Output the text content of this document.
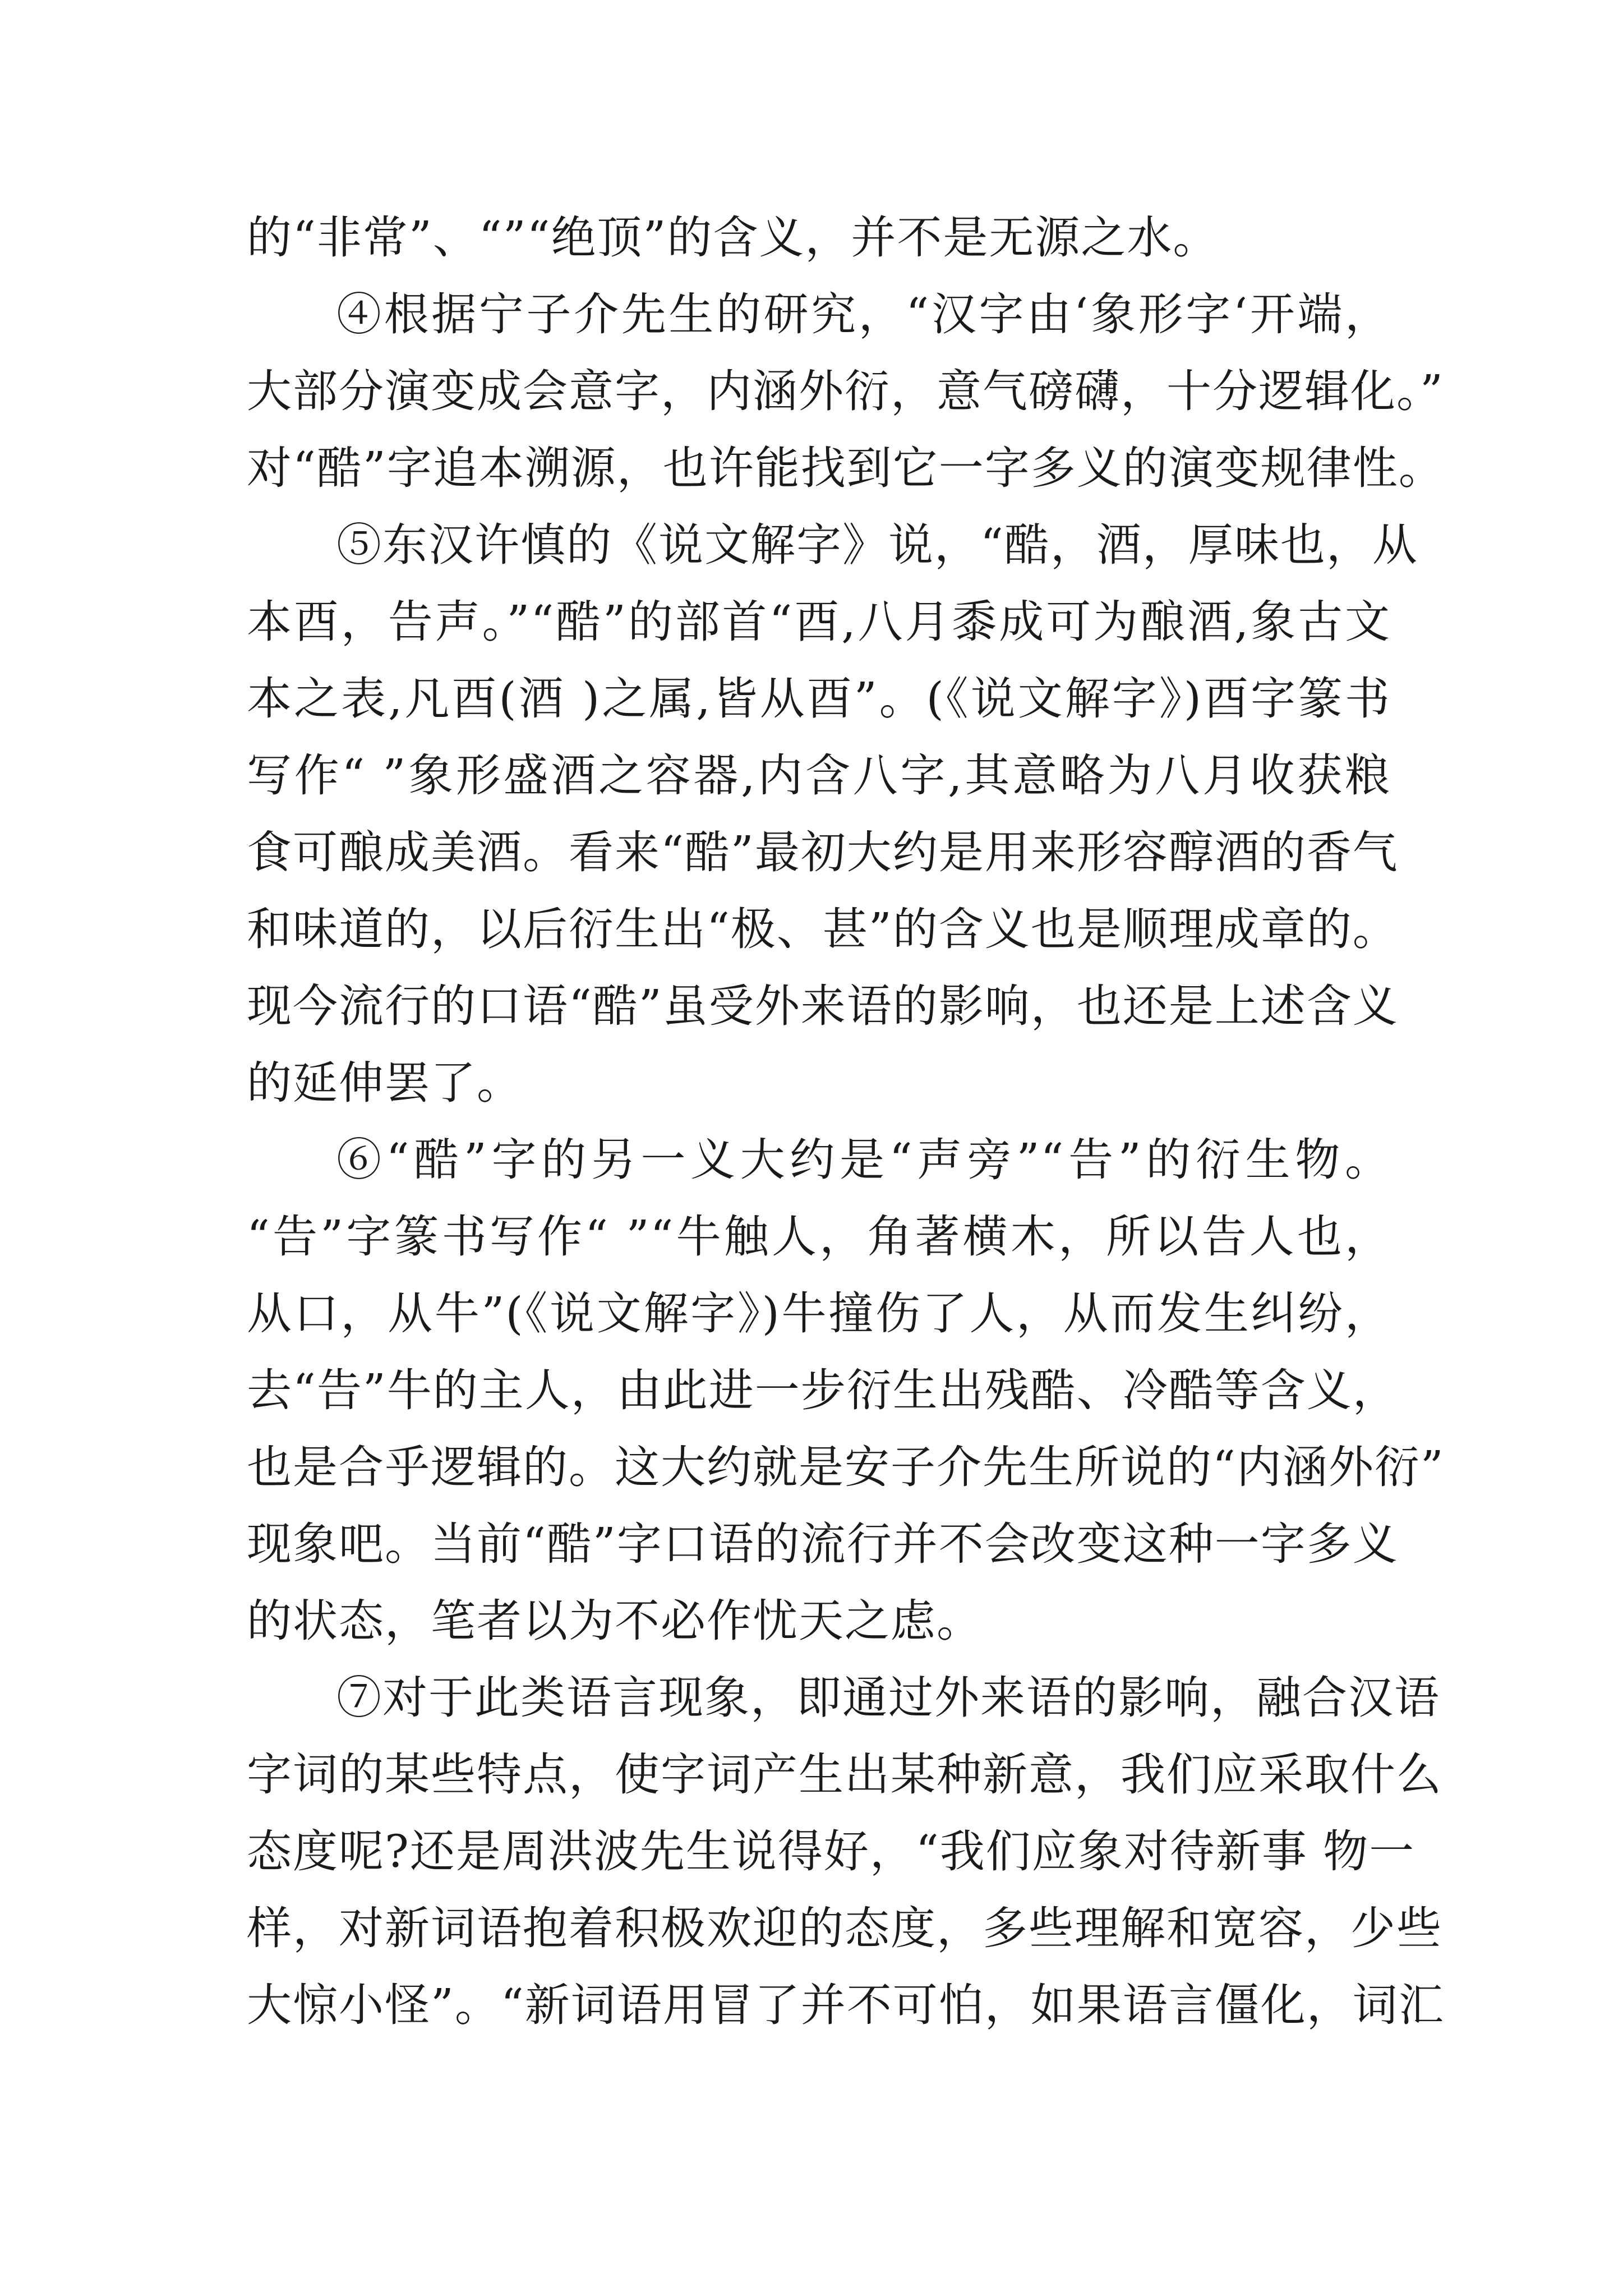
的“非常”、“”“绝顶”的含义，并不是无源之水。
④根据宁子介先生的研究，“汉字由‘象形字‘开端，
大部分演变成会意字，内涵外衍，意气磅礴，十分逻辑化。”
对“酷”字追本溯源，也许能找到它一字多义的演变规律性。
⑤东汉许慎的《说文解字》说，“酷，酒，厚味也，从
本酉，告声。”“酷”的部首“酉,八月黍成可为酿酒,象古文
本之表,凡酉(酒 )之属,皆从酉”。(《说文解字》)酉字篆书
写作“ ”象形盛酒之容器,内含八字,其意略为八月收获粮
食可酿成美酒。看来“酷”最初大约是用来形容醇酒的香气
和味道的，以后衍生出“极、甚”的含义也是顺理成章的。
现今流行的口语“酷”虽受外来语的影响，也还是上述含义
的延伸罢了。
⑥“酷”字的另一义大约是“声旁”“告”的衍生物。
“告”字篆书写作“ ”“牛触人，角著横木，所以告人也，
从口，从牛”(《说文解字》)牛撞伤了人，从而发生纠纷，
去“告”牛的主人，由此进一步衍生出残酷、冷酷等含义，
也是合乎逻辑的。这大约就是安子介先生所说的“内涵外衍”
现象吧。当前“酷”字口语的流行并不会改变这种一字多义
的状态，笔者以为不必作忧天之虑。
⑦对于此类语言现象，即通过外来语的影响，融合汉语
字词的某些特点，使字词产生出某种新意，我们应采取什么
态度呢?还是周洪波先生说得好，“我们应象对待新事 物一
样，对新词语抱着积极欢迎的态度，多些理解和宽容，少些
大惊小怪”。“新词语用冒了并不可怕，如果语言僵化，词汇
